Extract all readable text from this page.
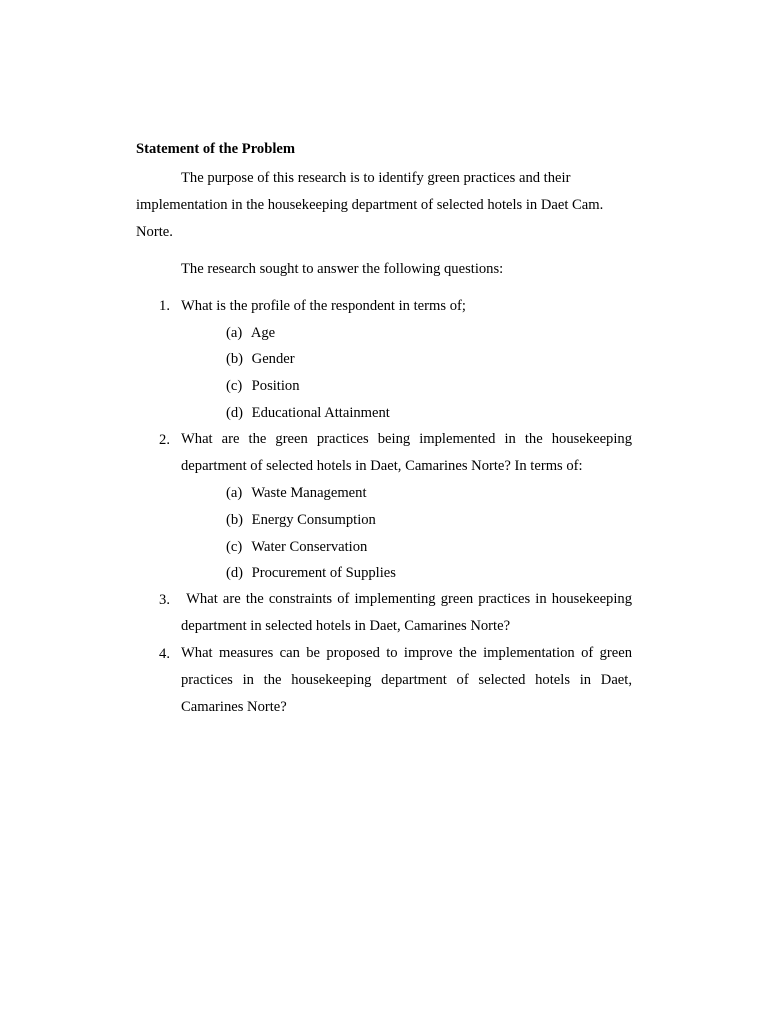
Statement of the Problem
The purpose of this research is to identify green practices and their implementation in the housekeeping department of selected hotels in Daet Cam. Norte.
The research sought to answer the following questions:
1. What is the profile of the respondent in terms of;
(a) Age
(b) Gender
(c) Position
(d) Educational Attainment
2. What are the green practices being implemented in the housekeeping department of selected hotels in Daet, Camarines Norte? In terms of:
(a) Waste Management
(b) Energy Consumption
(c) Water Conservation
(d) Procurement of Supplies
3. What are the constraints of implementing green practices in housekeeping department in selected hotels in Daet, Camarines Norte?
4. What measures can be proposed to improve the implementation of green practices in the housekeeping department of selected hotels in Daet, Camarines Norte?
